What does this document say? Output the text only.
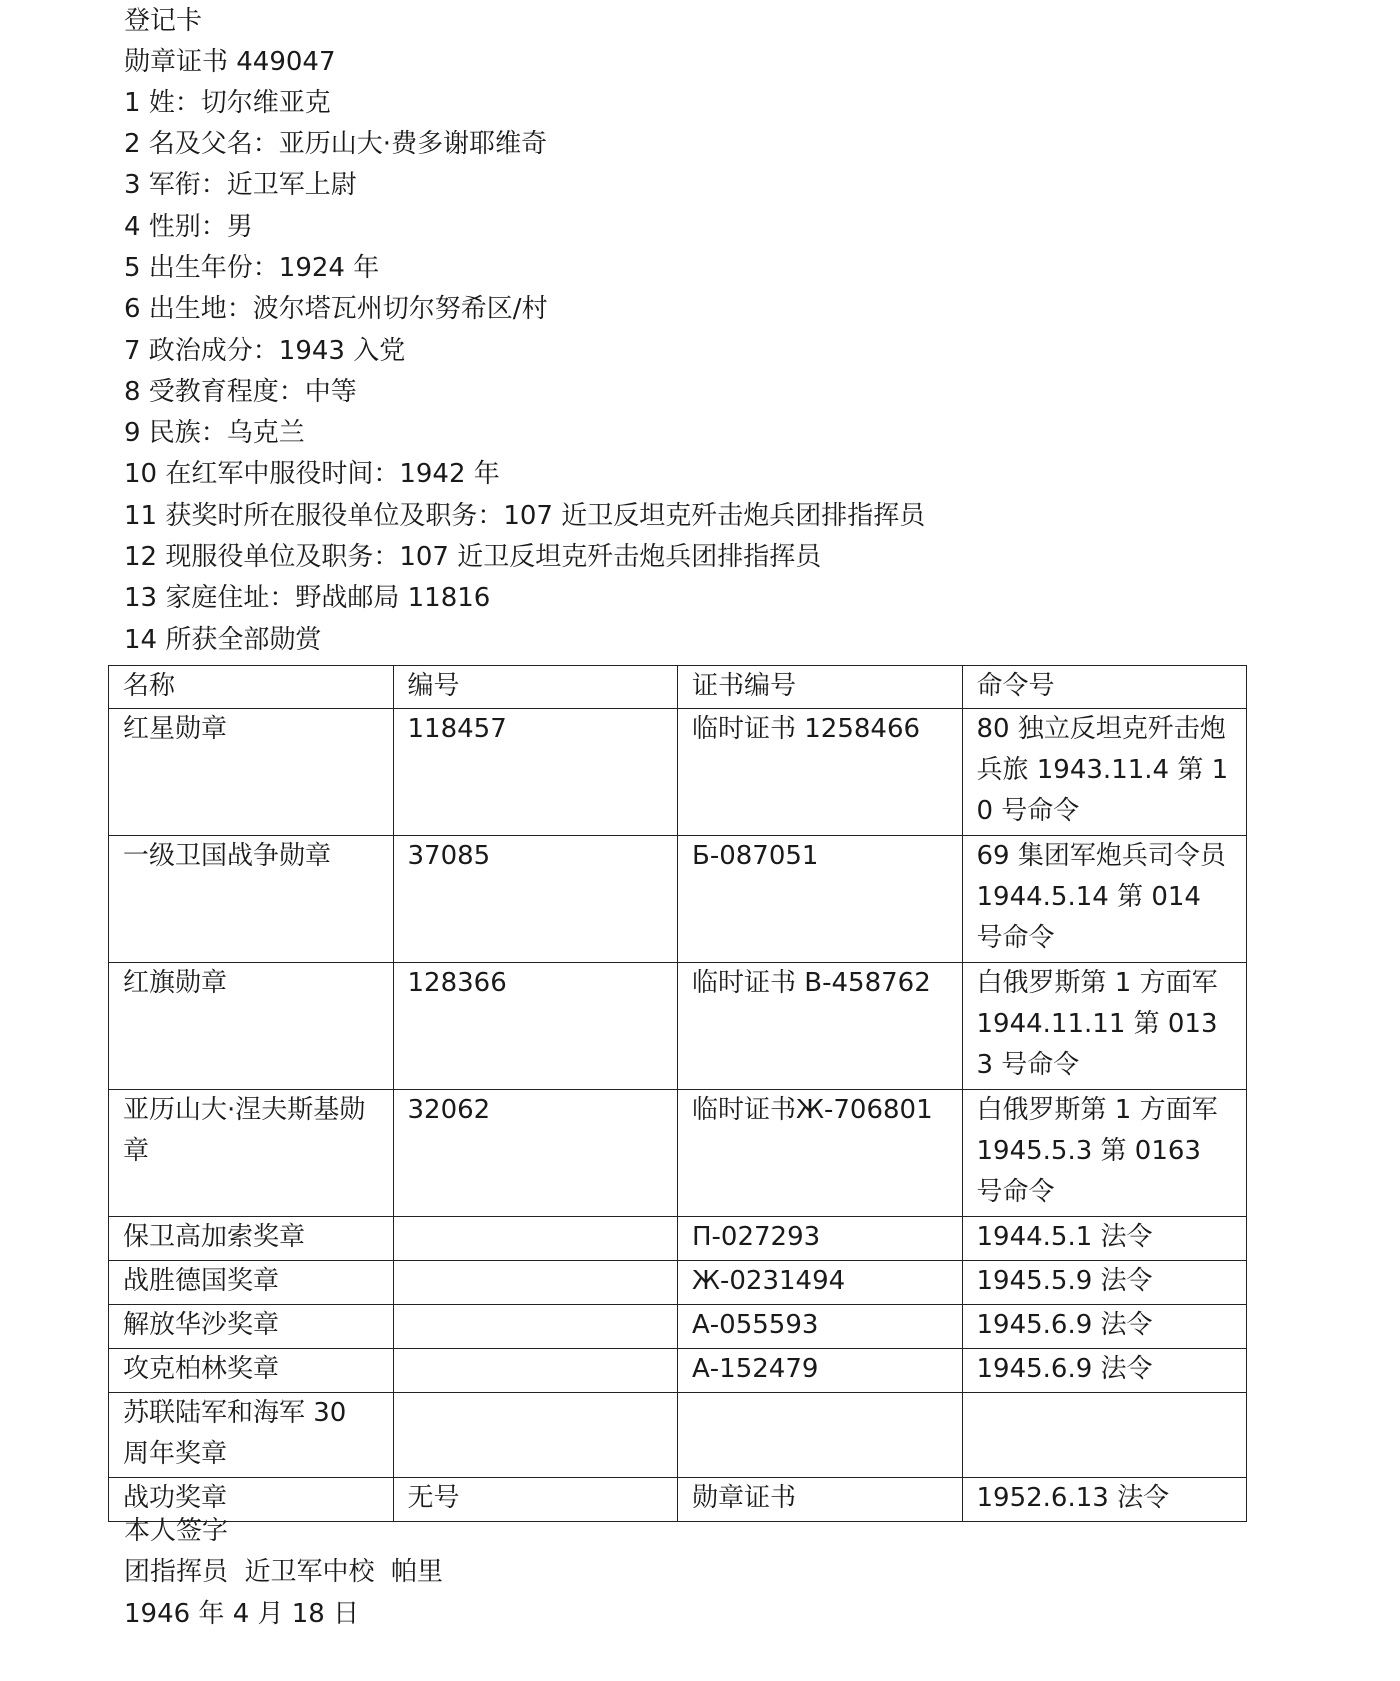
登记卡
勋章证书 449047
1 姓：切尔维亚克
2 名及父名：亚历山大·费多谢耶维奇
3 军衔：近卫军上尉
4 性别：男
5 出生年份：1924 年
6 出生地：波尔塔瓦州切尔努希区/村
7 政治成分：1943 入党
8 受教育程度：中等
9 民族：乌克兰
10 在红军中服役时间：1942 年
11 获奖时所在服役单位及职务：107 近卫反坦克歼击炮兵团排指挥员
12 现服役单位及职务：107 近卫反坦克歼击炮兵团排指挥员
13 家庭住址：野战邮局 11816
14 所获全部勋赏
名称	编号	证书编号	命令号
红星勋章	118457	临时证书 1258466	80 独立反坦克歼击炮兵旅 1943.11.4 第 10 号命令
一级卫国战争勋章	37085	Б-087051	69 集团军炮兵司令员 1944.5.14 第 014 号命令
红旗勋章	128366	临时证书 В-458762	白俄罗斯第 1 方面军 1944.11.11 第 0133 号命令
亚历山大·涅夫斯基勋章	32062	临时证书Ж-706801	白俄罗斯第 1 方面军 1945.5.3 第 0163 号命令
保卫高加索奖章		П-027293	1944.5.1 法令
战胜德国奖章		Ж-0231494	1945.5.9 法令
解放华沙奖章		А-055593	1945.6.9 法令
攻克柏林奖章		А-152479	1945.6.9 法令
苏联陆军和海军 30 周年奖章			
战功奖章	无号	勋章证书	1952.6.13 法令
本人签字
团指挥员  近卫军中校  帕里
1946 年 4 月 18 日
